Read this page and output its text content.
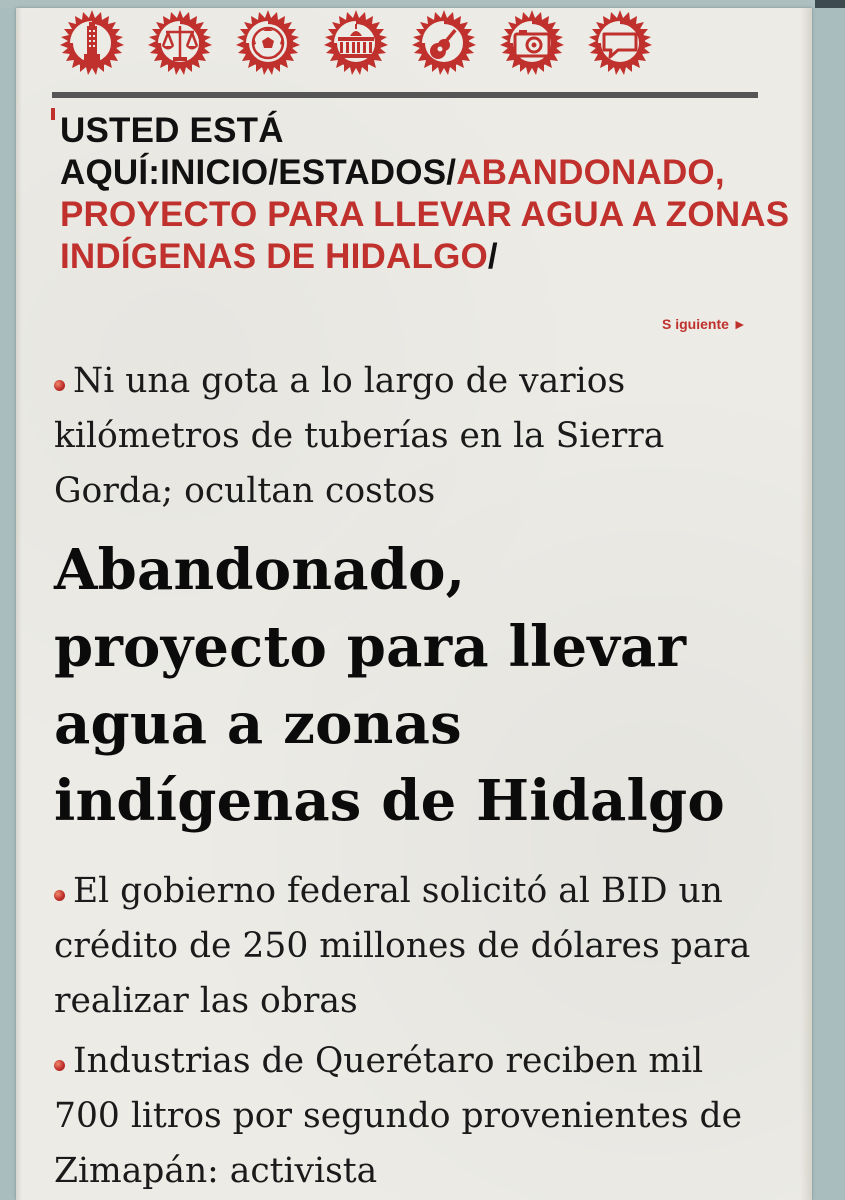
USTED ESTÁ AQUÍ:INICIO/ESTADOS/ABANDONADO, PROYECTO PARA LLEVAR AGUA A ZONAS INDÍGENAS DE HIDALGO/
S iguiente ►
Ni una gota a lo largo de varios kilómetros de tuberías en la Sierra Gorda; ocultan costos
Abandonado, proyecto para llevar agua a zonas indígenas de Hidalgo
El gobierno federal solicitó al BID un crédito de 250 millones de dólares para realizar las obras
Industrias de Querétaro reciben mil 700 litros por segundo provenientes de Zimapán: activista
